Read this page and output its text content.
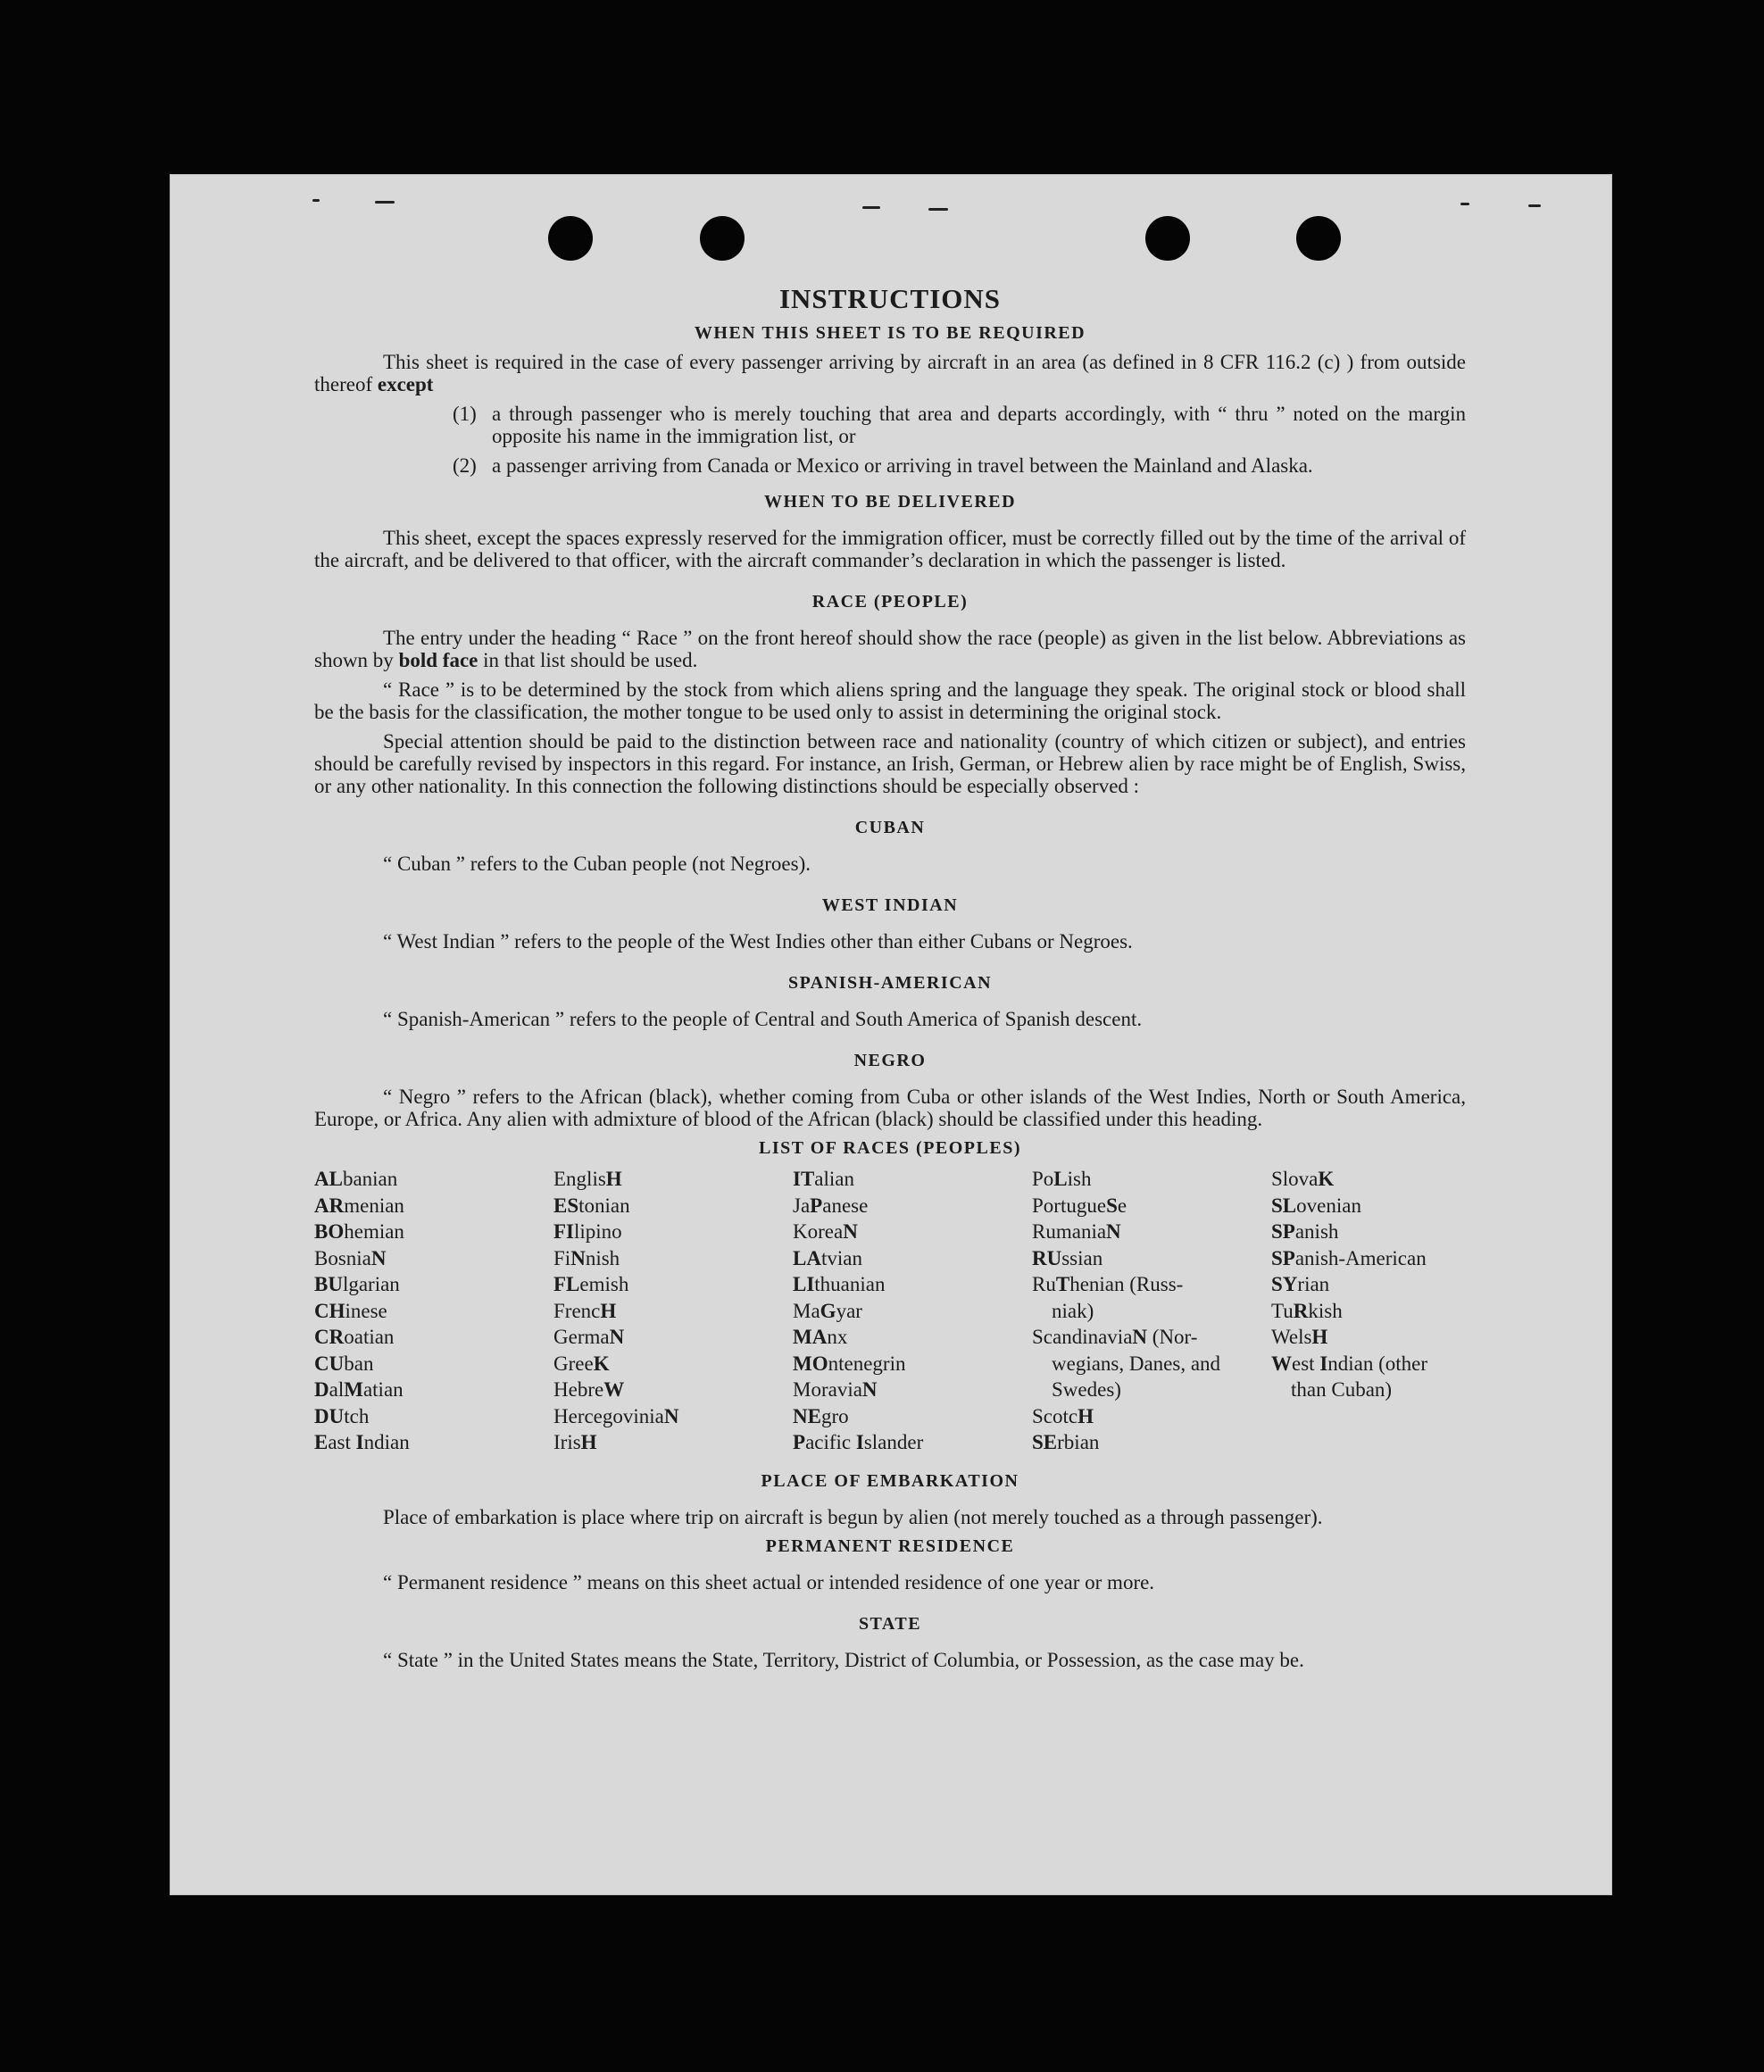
INSTRUCTIONS
WHEN THIS SHEET IS TO BE REQUIRED

This sheet is required in the case of every passenger arriving by aircraft in an area (as defined in 8 CFR 116.2 (c) ) from outside thereof except

(1) a through passenger who is merely touching that area and departs accordingly, with “ thru ” noted on the margin opposite his name in the immigration list, or
(2) a passenger arriving from Canada or Mexico or arriving in travel between the Mainland and Alaska.
WHEN TO BE DELIVERED

This sheet, except the spaces expressly reserved for the immigration officer, must be correctly filled out by the time of the arrival of the aircraft, and be delivered to that officer, with the aircraft commander’s declaration in which the passenger is listed.

RACE (PEOPLE)

The entry under the heading “ Race ” on the front hereof should show the race (people) as given in the list below. Abbreviations as shown by bold face in that list should be used.

“ Race ” is to be determined by the stock from which aliens spring and the language they speak. The original stock or blood shall be the basis for the classification, the mother tongue to be used only to assist in determining the original stock.

Special attention should be paid to the distinction between race and nationality (country of which citizen or subject), and entries should be carefully revised by inspectors in this regard. For instance, an Irish, German, or Hebrew alien by race might be of English, Swiss, or any other nationality. In this connection the following distinctions should be especially observed :

CUBAN

“ Cuban ” refers to the Cuban people (not Negroes).

WEST INDIAN

“ West Indian ” refers to the people of the West Indies other than either Cubans or Negroes.

SPANISH-AMERICAN

“ Spanish-American ” refers to the people of Central and South America of Spanish descent.

NEGRO

“ Negro ” refers to the African (black), whether coming from Cuba or other islands of the West Indies, North or South America, Europe, or Africa. Any alien with admixture of blood of the African (black) should be classified under this heading.

LIST OF RACES (PEOPLES)
ALbanian
ARmenian
BOhemian
BosniaN
BUlgarian
CHinese
CRoatian
CUban
DalMatian
DUtch
East Indian
EnglisH
EStonian
FIlipino
FiNnish
FLemish
FrencH
GermaN
GreeK
HebreW
HercegoviniaN
IrisH
ITalian
JaPanese
KoreaN
LAtvian
LIthuanian
MaGyar
MAnx
MOntenegrin
MoraviaN
NEgro
Pacific Islander
PoLish
PortugueSe
RumaniaN
RUssian
RuThenian (Russ-
niak)
ScandinaviaN (Nor-
wegians, Danes, and Swedes)
ScotcH
SErbian
SlovaK
SLovenian
SPanish
SPanish-American
SYrian
TuRkish
WelsH
West Indian (other
than Cuban)
PLACE OF EMBARKATION

Place of embarkation is place where trip on aircraft is begun by alien (not merely touched as a through passenger).

PERMANENT RESIDENCE

“ Permanent residence ” means on this sheet actual or intended residence of one year or more.

STATE

“ State ” in the United States means the State, Territory, District of Columbia, or Possession, as the case may be.
